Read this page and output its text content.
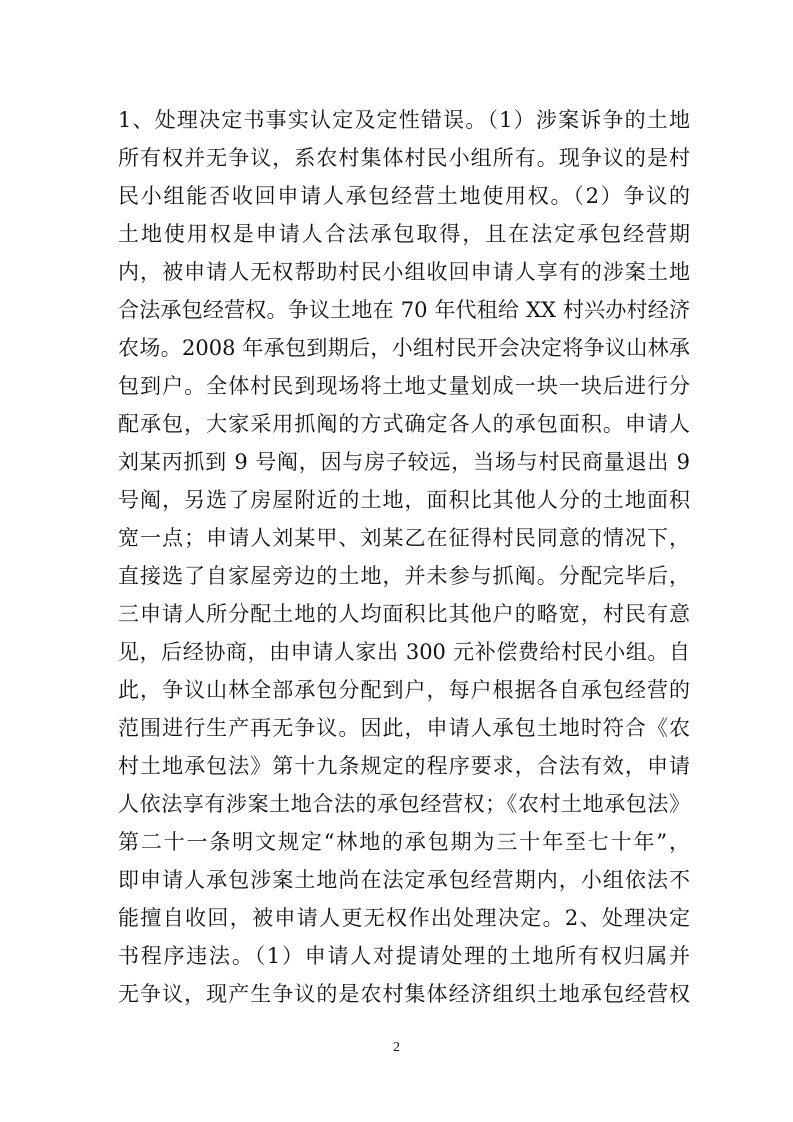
1、处理决定书事实认定及定性错误。（1）涉案诉争的土地
所有权并无争议，系农村集体村民小组所有。现争议的是村
民小组能否收回申请人承包经营土地使用权。（2）争议的
土地使用权是申请人合法承包取得，且在法定承包经营期
内，被申请人无权帮助村民小组收回申请人享有的涉案土地
合法承包经营权。争议土地在 70 年代租给 XX 村兴办村经济
农场。2008 年承包到期后，小组村民开会决定将争议山林承
包到户。全体村民到现场将土地丈量划成一块一块后进行分
配承包，大家采用抓阄的方式确定各人的承包面积。申请人
刘某丙抓到 9 号阄，因与房子较远，当场与村民商量退出 9
号阄，另选了房屋附近的土地，面积比其他人分的土地面积
宽一点；申请人刘某甲、刘某乙在征得村民同意的情况下，
直接选了自家屋旁边的土地，并未参与抓阄。分配完毕后，
三申请人所分配土地的人均面积比其他户的略宽，村民有意
见，后经协商，由申请人家出 300 元补偿费给村民小组。自
此，争议山林全部承包分配到户，每户根据各自承包经营的
范围进行生产再无争议。因此，申请人承包土地时符合《农
村土地承包法》第十九条规定的程序要求，合法有效，申请
人依法享有涉案土地合法的承包经营权；《农村土地承包法》
第二十一条明文规定“林地的承包期为三十年至七十年”，
即申请人承包涉案土地尚在法定承包经营期内，小组依法不
能擅自收回，被申请人更无权作出处理决定。2、处理决定
书程序违法。（1）申请人对提请处理的土地所有权归属并
无争议，现产生争议的是农村集体经济组织土地承包经营权
2
